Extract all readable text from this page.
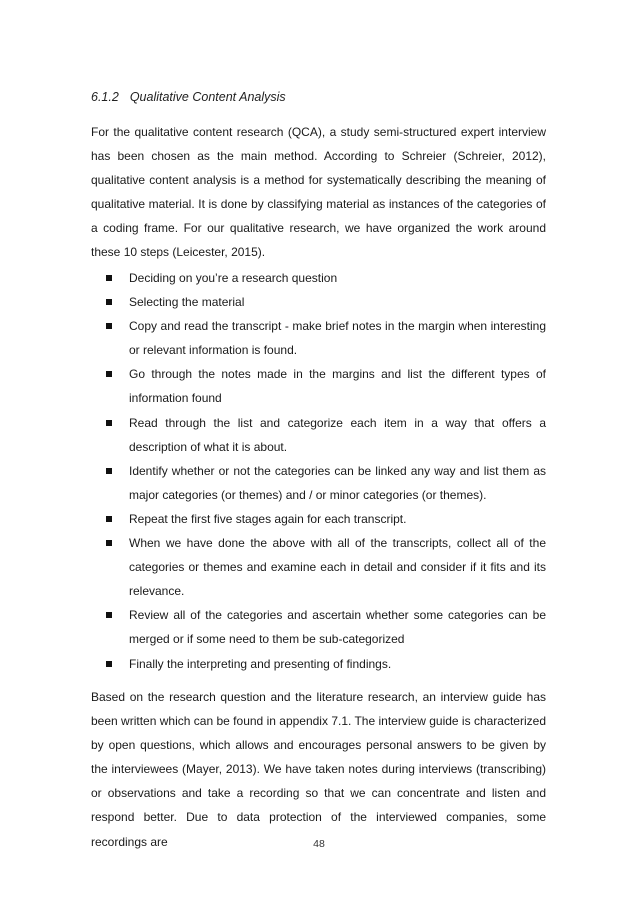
6.1.2 Qualitative Content Analysis

For the qualitative content research (QCA), a study semi-structured expert interview has been chosen as the main method. According to Schreier (Schreier, 2012), qualitative content analysis is a method for systematically describing the meaning of qualitative material. It is done by classifying material as instances of the categories of a coding frame. For our qualitative research, we have organized the work around these 10 steps (Leicester, 2015).

Deciding on you’re a research question
Selecting the material
Copy and read the transcript - make brief notes in the margin when interesting or relevant information is found.
Go through the notes made in the margins and list the different types of information found
Read through the list and categorize each item in a way that offers a description of what it is about.
Identify whether or not the categories can be linked any way and list them as major categories (or themes) and / or minor categories (or themes).
Repeat the first five stages again for each transcript.
When we have done the above with all of the transcripts, collect all of the categories or themes and examine each in detail and consider if it fits and its relevance.
Review all of the categories and ascertain whether some categories can be merged or if some need to them be sub-categorized
Finally the interpreting and presenting of findings.

Based on the research question and the literature research, an interview guide has been written which can be found in appendix 7.1. The interview guide is characterized by open questions, which allows and encourages personal answers to be given by the interviewees (Mayer, 2013). We have taken notes during interviews (transcribing) or observations and take a recording so that we can concentrate and listen and respond better. Due to data protection of the interviewed companies, some recordings are	48
